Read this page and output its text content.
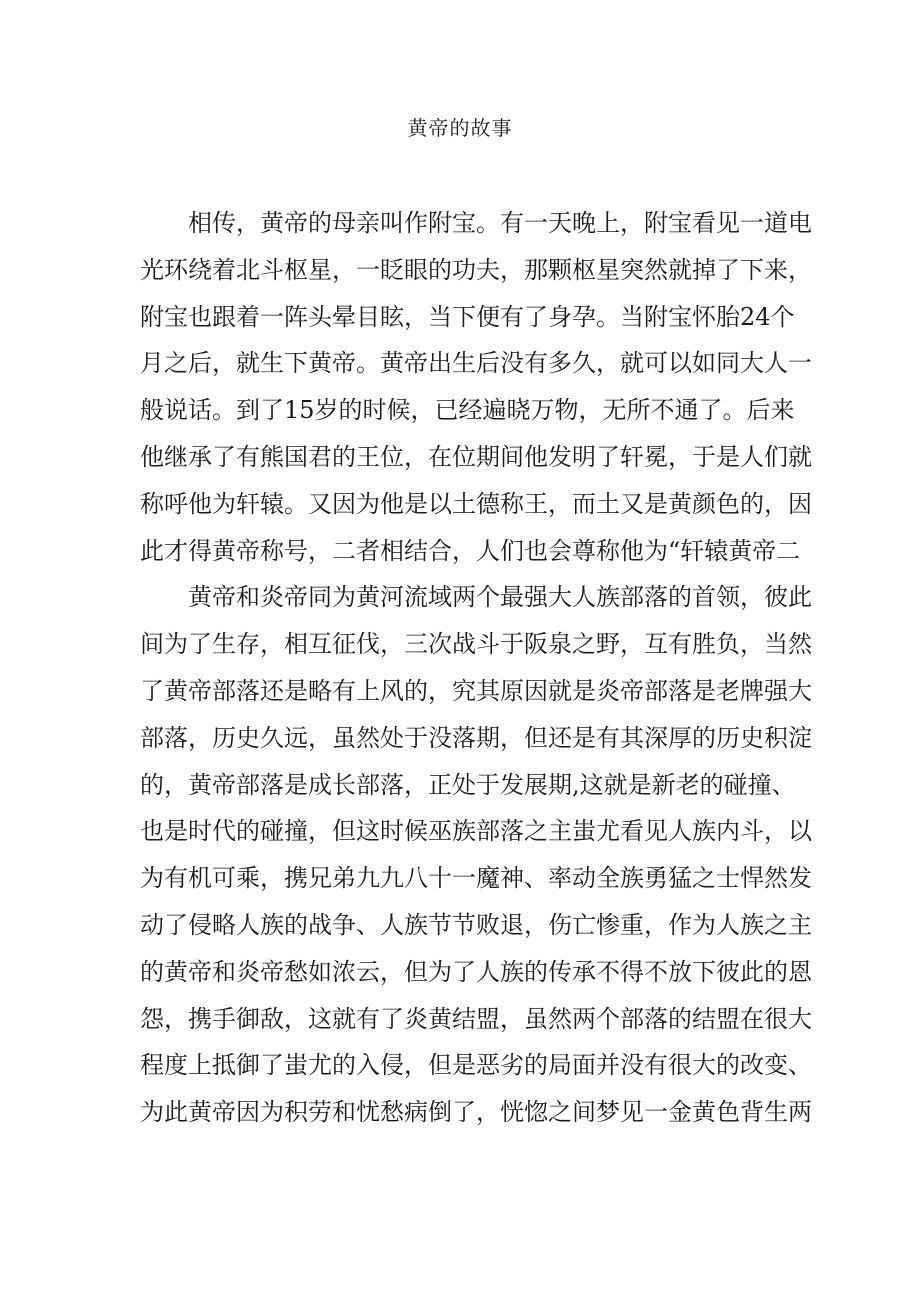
黄帝的故事
相传，黄帝的母亲叫作附宝。有一天晚上，附宝看见一道电
光环绕着北斗枢星，一眨眼的功夫，那颗枢星突然就掉了下来，
附宝也跟着一阵头晕目眩，当下便有了身孕。当附宝怀胎24个
月之后，就生下黄帝。黄帝出生后没有多久，就可以如同大人一
般说话。到了15岁的时候，已经遍晓万物，无所不通了。后来
他继承了有熊国君的王位，在位期间他发明了轩冕，于是人们就
称呼他为轩辕。又因为他是以土德称王，而土又是黄颜色的，因
此才得黄帝称号，二者相结合，人们也会尊称他为“轩辕黄帝二
黄帝和炎帝同为黄河流域两个最强大人族部落的首领，彼此
间为了生存，相互征伐，三次战斗于阪泉之野，互有胜负，当然
了黄帝部落还是略有上风的，究其原因就是炎帝部落是老牌强大
部落，历史久远，虽然处于没落期，但还是有其深厚的历史积淀
的，黄帝部落是成长部落，正处于发展期,这就是新老的碰撞、
也是时代的碰撞，但这时候巫族部落之主蚩尤看见人族内斗，以
为有机可乘，携兄弟九九八十一魔神、率动全族勇猛之士悍然发
动了侵略人族的战争、人族节节败退，伤亡惨重，作为人族之主
的黄帝和炎帝愁如浓云，但为了人族的传承不得不放下彼此的恩
怨，携手御敌，这就有了炎黄结盟，虽然两个部落的结盟在很大
程度上抵御了蚩尤的入侵，但是恶劣的局面并没有很大的改变、
为此黄帝因为积劳和忧愁病倒了，恍惚之间梦见一金黄色背生两
